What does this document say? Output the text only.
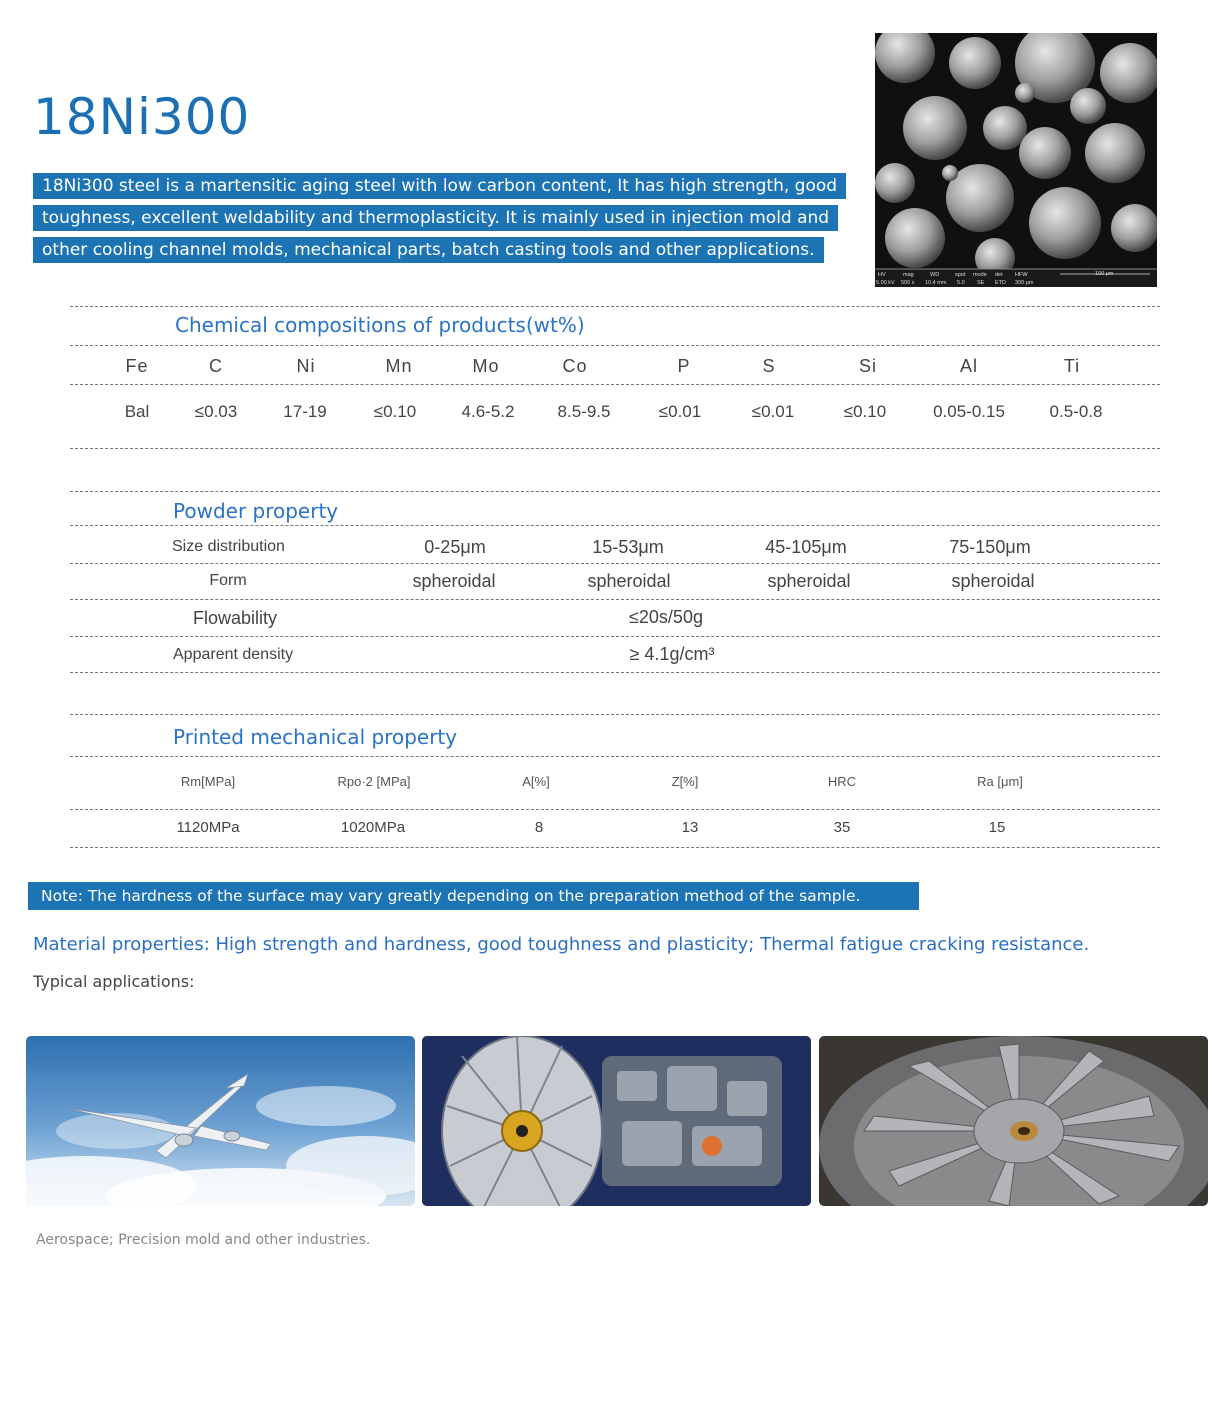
18Ni300
18Ni300 steel is a martensitic aging steel with low carbon content, It has high strength, good
toughness, excellent weldability and thermoplasticity. It is mainly used in injection mold and
other cooling channel molds, mechanical parts, batch casting tools and other applications.
HV	mag	WD	spot mode det HFW
5.00 kV 500 x 10.4 mm 5.0 SE ETD 300 µm
100 µm
Chemical compositions of products(wt%)
Fe	C	Ni	Mn	Mo	Co	P	S	Si	Al	Ti
Bal	≤0.03	17-19	≤0.10	4.6-5.2	8.5-9.5	≤0.01	≤0.01	≤0.10	0.05-0.15	0.5-0.8
Powder property
Size distribution	0-25μm	15-53μm	45-105μm	75-150μm
Form	spheroidal	spheroidal	spheroidal	spheroidal
Flowability	≤20s/50g
Apparent density	≥ 4.1g/cm³
Printed mechanical property
Rm[MPa]	Rpo·2 [MPa]	A[%]	Z[%]	HRC	Ra [μm]
1120MPa	1020MPa	8	13	35	15
Note: The hardness of the surface may vary greatly depending on the preparation method of the sample.
Material properties: High strength and hardness, good toughness and plasticity; Thermal fatigue cracking resistance.
Typical applications:
Aerospace; Precision mold and other industries.
